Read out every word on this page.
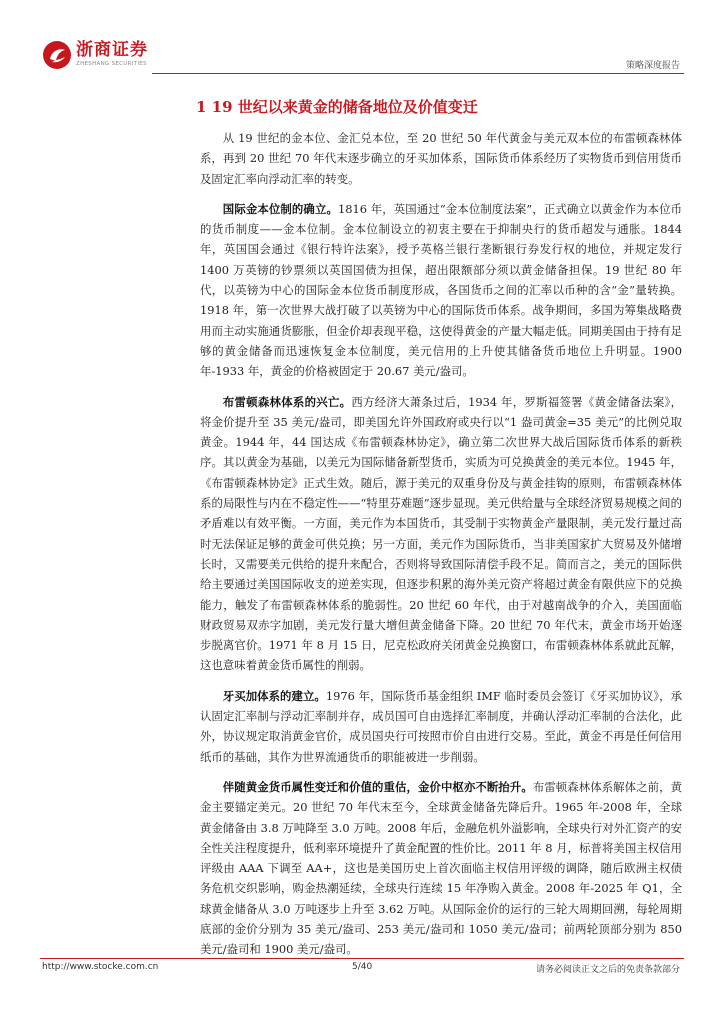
浙商证券
ZHESHANG SECURITIES	策略深度报告
1 19 世纪以来黄金的储备地位及价值变迁

从 19 世纪的金本位、金汇兑本位，至 20 世纪 50 年代黄金与美元双本位的布雷顿森林体系，再到 20 世纪 70 年代末逐步确立的牙买加体系，国际货币体系经历了实物货币到信用货币及固定汇率向浮动汇率的转变。

国际金本位制的确立。1816 年，英国通过“金本位制度法案”，正式确立以黄金作为本位币的货币制度——金本位制。金本位制设立的初衷主要在于抑制央行的货币超发与通胀。1844 年，英国国会通过《银行特许法案》，授予英格兰银行垄断银行券发行权的地位，并规定发行 1400 万英镑的钞票须以英国国债为担保，超出限额部分须以黄金储备担保。19 世纪 80 年代，以英镑为中心的国际金本位货币制度形成，各国货币之间的汇率以币种的含“金”量转换。1918 年，第一次世界大战打破了以英镑为中心的国际货币体系。战争期间，多国为筹集战略费用而主动实施通货膨胀，但金价却表现平稳，这使得黄金的产量大幅走低。同期美国由于持有足够的黄金储备而迅速恢复金本位制度，美元信用的上升使其储备货币地位上升明显。1900 年-1933 年，黄金的价格被固定于 20.67 美元/盎司。

布雷顿森林体系的兴亡。西方经济大萧条过后，1934 年，罗斯福签署《黄金储备法案》，将金价提升至 35 美元/盎司，即美国允许外国政府或央行以“1 盎司黄金=35 美元”的比例兑取黄金。1944 年，44 国达成《布雷顿森林协定》，确立第二次世界大战后国际货币体系的新秩序。其以黄金为基础，以美元为国际储备新型货币，实质为可兑换黄金的美元本位。1945 年，《布雷顿森林协定》正式生效。随后，源于美元的双重身份及与黄金挂钩的原则，布雷顿森林体系的局限性与内在不稳定性——“特里芬难题”逐步显现。美元供给量与全球经济贸易规模之间的矛盾难以有效平衡。一方面，美元作为本国货币，其受制于实物黄金产量限制，美元发行量过高时无法保证足够的黄金可供兑换；另一方面，美元作为国际货币，当非美国家扩大贸易及外储增长时，又需要美元供给的提升来配合，否则将导致国际清偿手段不足。简而言之，美元的国际供给主要通过美国国际收支的逆差实现，但逐步积累的海外美元资产将超过黄金有限供应下的兑换能力，触发了布雷顿森林体系的脆弱性。20 世纪 60 年代，由于对越南战争的介入，美国面临财政贸易双赤字加剧，美元发行量大增但黄金储备下降。20 世纪 70 年代末，黄金市场开始逐步脱离官价。1971 年 8 月 15 日，尼克松政府关闭黄金兑换窗口，布雷顿森林体系就此瓦解，这也意味着黄金货币属性的削弱。

牙买加体系的建立。1976 年，国际货币基金组织 IMF 临时委员会签订《牙买加协议》，承认固定汇率制与浮动汇率制并存，成员国可自由选择汇率制度，并确认浮动汇率制的合法化，此外，协议规定取消黄金官价，成员国央行可按照市价自由进行交易。至此，黄金不再是任何信用纸币的基础，其作为世界流通货币的职能被进一步削弱。

伴随黄金货币属性变迁和价值的重估，金价中枢亦不断抬升。布雷顿森林体系解体之前，黄金主要锚定美元。20 世纪 70 年代末至今，全球黄金储备先降后升。1965 年-2008 年，全球黄金储备由 3.8 万吨降至 3.0 万吨。2008 年后，金融危机外溢影响，全球央行对外汇资产的安全性关注程度提升，低利率环境提升了黄金配置的性价比。2011 年 8 月，标普将美国主权信用评级由 AAA 下调至 AA+，这也是美国历史上首次面临主权信用评级的调降，随后欧洲主权债务危机交织影响，购金热潮延续，全球央行连续 15 年净购入黄金。2008 年-2025 年 Q1，全球黄金储备从 3.0 万吨逐步上升至 3.62 万吨。从国际金价的运行的三轮大周期回溯，每轮周期底部的金价分别为 35 美元/盎司、253 美元/盎司和 1050 美元/盎司；前两轮顶部分别为 850 美元/盎司和 1900 美元/盎司。

http://www.stocke.com.cn	5/40	请务必阅读正文之后的免责条款部分
